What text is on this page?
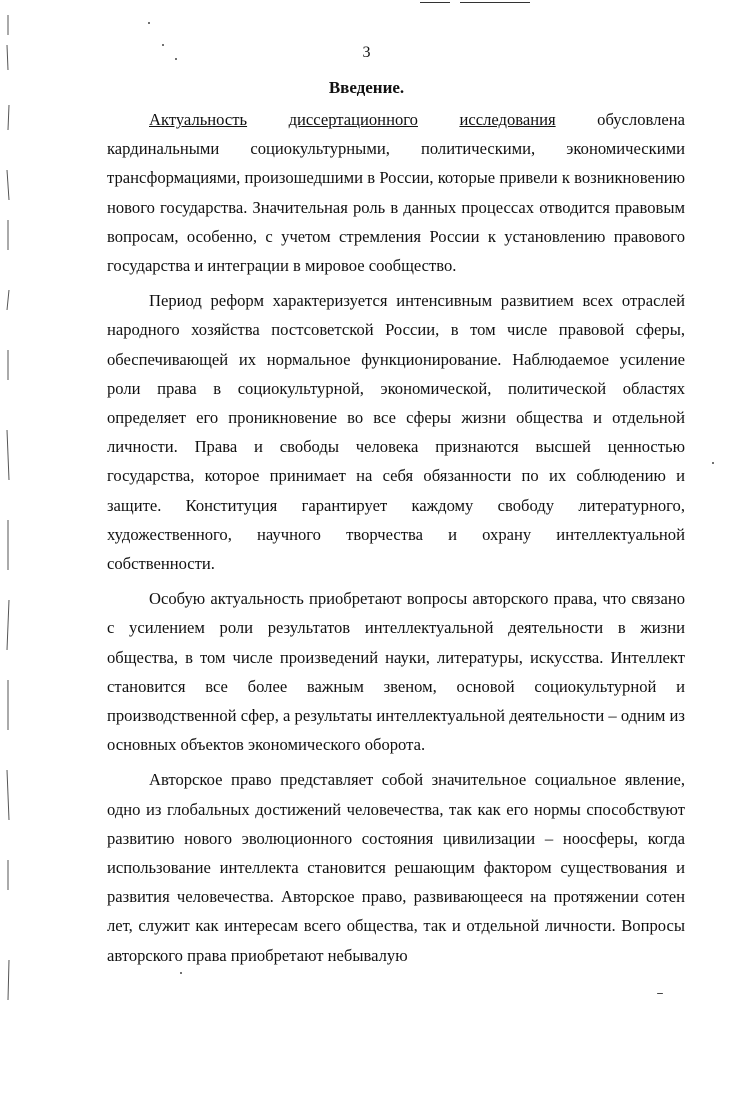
3
Введение.

Актуальность	диссертационного	исследования обусловлена кардинальными социокультурными, политическими, экономическими трансформациями, произошедшими в России, которые привели к возникновению нового государства. Значительная роль в данных процессах отводится правовым вопросам, особенно, с учетом стремления России к установлению правового государства и интеграции в мировое сообщество.

Период реформ характеризуется интенсивным развитием всех отраслей народного хозяйства постсоветской России, в том числе правовой сферы, обеспечивающей их нормальное функционирование. Наблюдаемое усиление роли права в социокультурной, экономической, политической областях определяет его проникновение во все сферы жизни общества и отдельной личности. Права и свободы человека признаются высшей ценностью государства, которое принимает на себя обязанности по их соблюдению и защите. Конституция гарантирует каждому свободу литературного, художественного, научного творчества и охрану интеллектуальной собственности.

Особую актуальность приобретают вопросы авторского права, что связано с усилением роли результатов интеллектуальной деятельности в жизни общества, в том числе произведений науки, литературы, искусства. Интеллект становится все более важным звеном, основой социокультурной и производственной сфер, а результаты интеллектуальной деятельности – одним из основных объектов экономического оборота.

Авторское право представляет собой значительное социальное явление, одно из глобальных достижений человечества, так как его нормы способствуют развитию нового эволюционного состояния цивилизации – ноосферы, когда использование интеллекта становится решающим фактором существования и развития человечества. Авторское право, развивающееся на протяжении сотен лет, служит как интересам всего общества, так и отдельной личности. Вопросы авторского права приобретают небывалую
